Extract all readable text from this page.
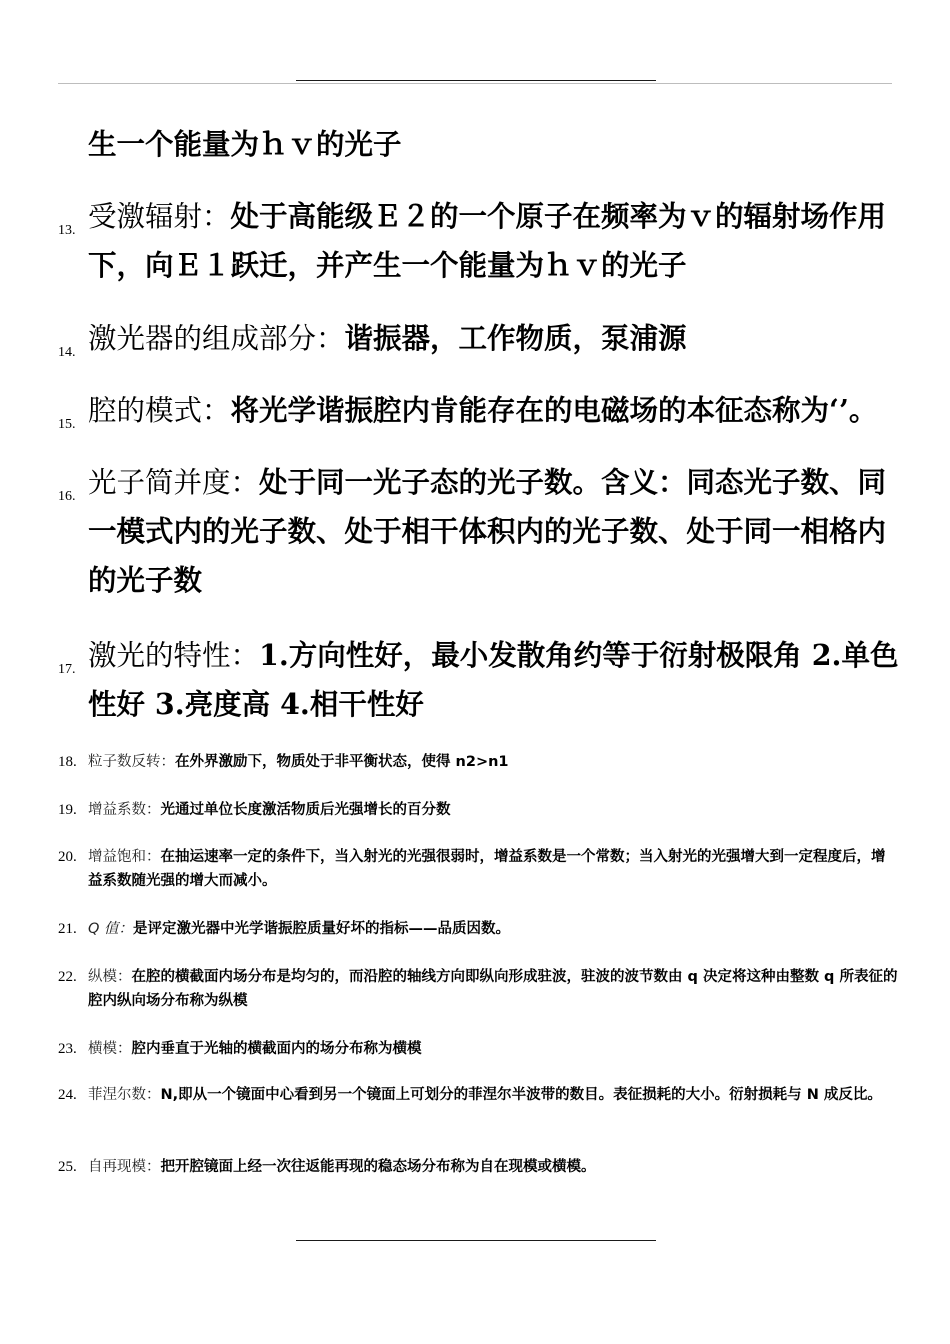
生一个能量为ｈｖ的光子

13. 受激辐射：处于高能级Ｅ２的一个原子在频率为ｖ的辐射场作用下，向Ｅ１跃迁，并产生一个能量为ｈｖ的光子
14. 激光器的组成部分：谐振器，工作物质，泵浦源
15. 腔的模式：将光学谐振腔内肯能存在的电磁场的本征态称为‘’。
16. 光子简并度：处于同一光子态的光子数。含义：同态光子数、同一模式内的光子数、处于相干体积内的光子数、处于同一相格内的光子数
17. 激光的特性：1.方向性好，最小发散角约等于衍射极限角 2.单色性好 3.亮度高 4.相干性好
18. 粒子数反转：在外界激励下，物质处于非平衡状态，使得 n2>n1
19. 增益系数：光通过单位长度激活物质后光强增长的百分数
20. 增益饱和：在抽运速率一定的条件下，当入射光的光强很弱时，增益系数是一个常数；当入射光的光强增大到一定程度后，增益系数随光强的增大而减小。
21. Q 值：是评定激光器中光学谐振腔质量好坏的指标——品质因数。
22. 纵模：在腔的横截面内场分布是均匀的，而沿腔的轴线方向即纵向形成驻波，驻波的波节数由 q 决定将这种由整数 q 所表征的腔内纵向场分布称为纵模
23. 横模：腔内垂直于光轴的横截面内的场分布称为横模
24. 菲涅尔数：N,即从一个镜面中心看到另一个镜面上可划分的菲涅尔半波带的数目。表征损耗的大小。衍射损耗与 N 成反比。
25. 自再现模：把开腔镜面上经一次往返能再现的稳态场分布称为自在现模或横模。
